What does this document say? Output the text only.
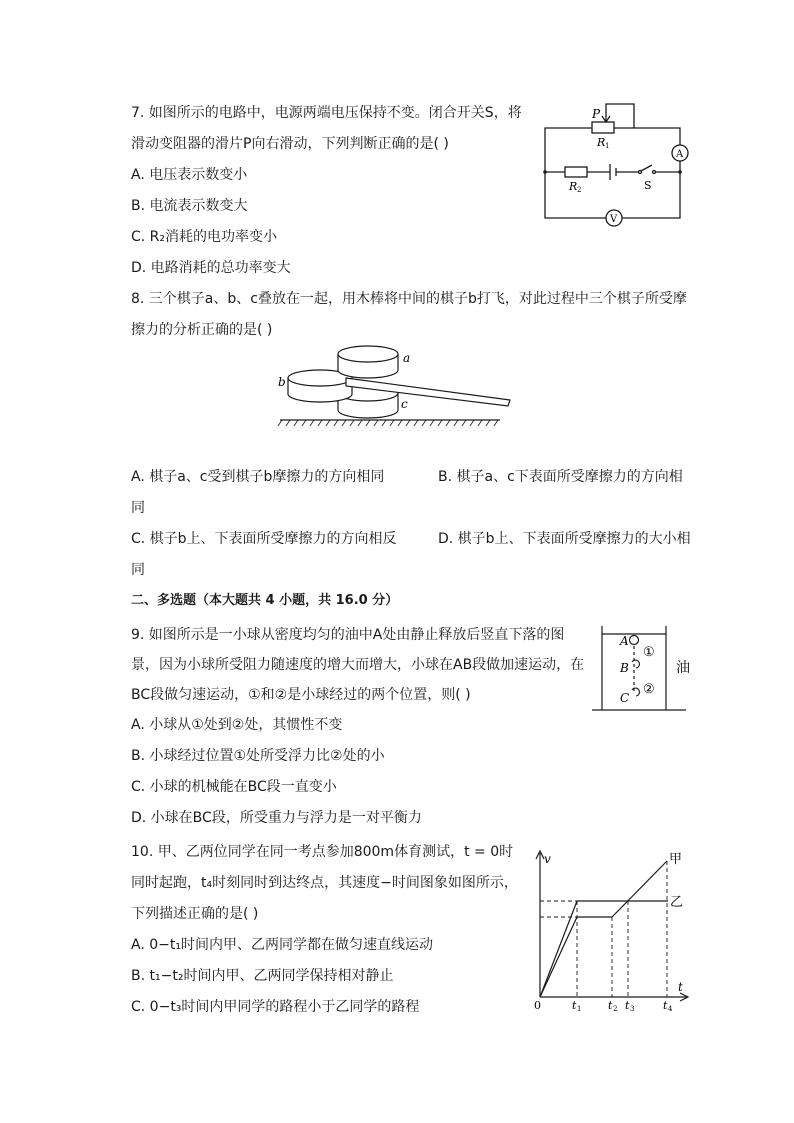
7. 如图所示的电路中，电源两端电压保持不变。闭合开关S，将
滑动变阻器的滑片P向右滑动，下列判断正确的是( )
A. 电压表示数变小
B. 电流表示数变大
C. R₂消耗的电功率变小
D. 电路消耗的总功率变大
P
R 1
R 2	S
A
V
8. 三个棋子a、b、c叠放在一起，用木棒将中间的棋子b打飞，对此过程中三个棋子所受摩
擦力的分析正确的是( )
a
b
c
A. 棋子a、c受到棋子b摩擦力的方向相同	B. 棋子a、c下表面所受摩擦力的方向相
同
C. 棋子b上、下表面所受摩擦力的方向相反	D. 棋子b上、下表面所受摩擦力的大小相
同
二、多选题（本大题共 4 小题，共 16.0 分）
9. 如图所示是一小球从密度均匀的油中A处由静止释放后竖直下落的图
景，因为小球所受阻力随速度的增大而增大，小球在AB段做加速运动，在
BC段做匀速运动，①和②是小球经过的两个位置，则( )
A. 小球从①处到②处，其惯性不变
B. 小球经过位置①处所受浮力比②处的小
C. 小球的机械能在BC段一直变小
D. 小球在BC段，所受重力与浮力是一对平衡力
A
B
C
①
②
油
10. 甲、乙两位同学在同一考点参加800m体育测试，t = 0时
同时起跑，t₄时刻同时到达终点，其速度−时间图象如图所示，
下列描述正确的是( )
A. 0−t₁时间内甲、乙两同学都在做匀速直线运动
B. t₁−t₂时间内甲、乙两同学保持相对静止
C. 0−t₃时间内甲同学的路程小于乙同学的路程
v
t
0	t 1 t 2 t 3	t 4
甲
乙
